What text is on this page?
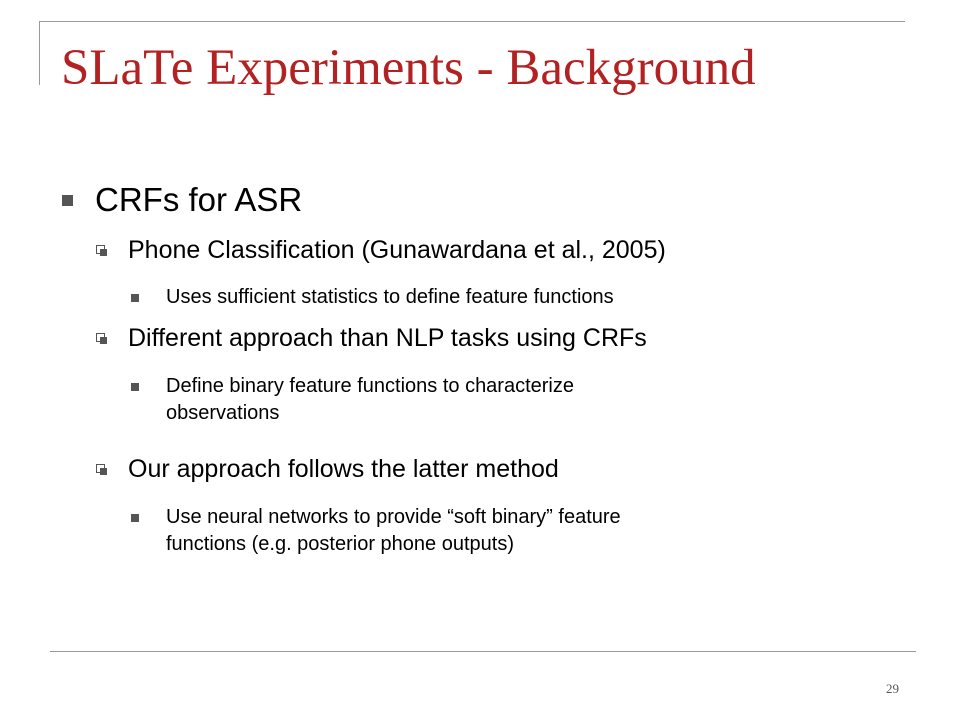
SLaTe Experiments - Background
CRFs for ASR
Phone Classification (Gunawardana et al., 2005)
Uses sufficient statistics to define feature functions
Different approach than NLP tasks using CRFs
Define binary feature functions to characterize
observations
Our approach follows the latter method
Use neural networks to provide “soft binary” feature
functions (e.g. posterior phone outputs)
29
